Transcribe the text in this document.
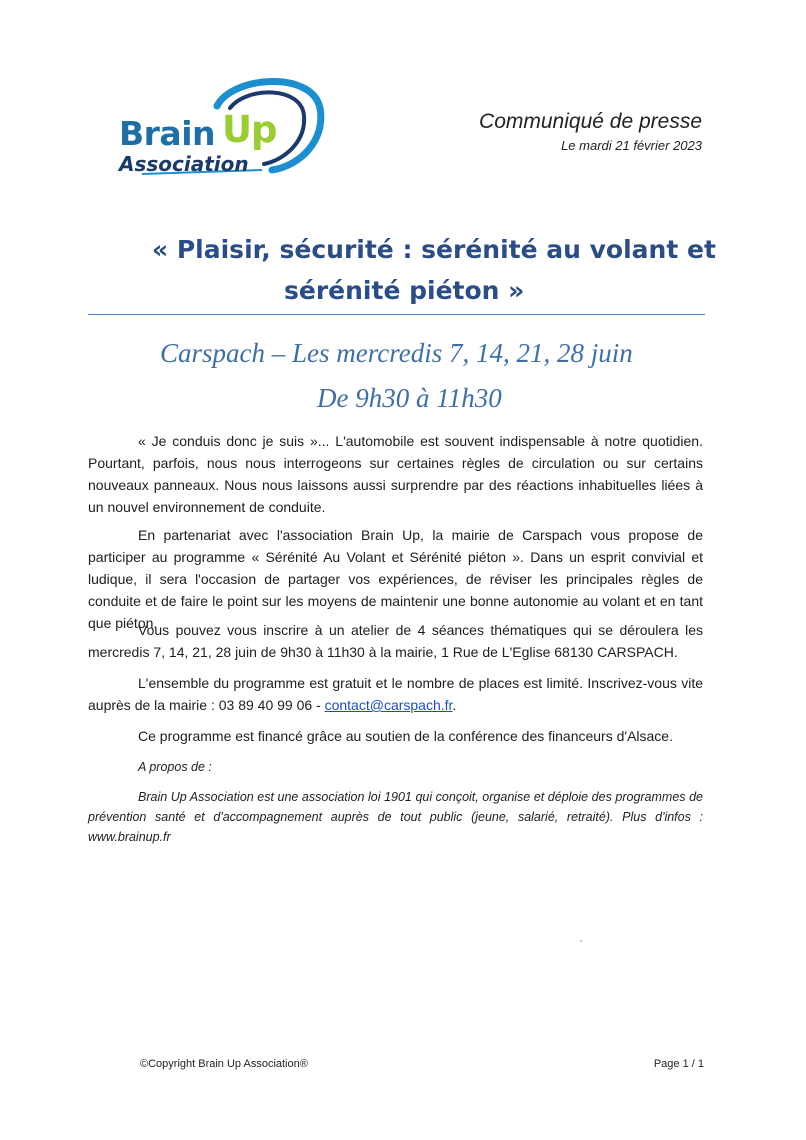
Brain Up
Association
Communiqué de presse
Le mardi 21 février 2023
« Plaisir, sécurité : sérénité au volant et
sérénité piéton »
Carspach – Les mercredis 7, 14, 21, 28 juin
De 9h30 à 11h30
« Je conduis donc je suis »... L'automobile est souvent indispensable à notre quotidien. Pourtant, parfois, nous nous interrogeons sur certaines règles de circulation ou sur certains nouveaux panneaux. Nous nous laissons aussi surprendre par des réactions inhabituelles liées à un nouvel environnement de conduite.
En partenariat avec l'association Brain Up, la mairie de Carspach vous propose de participer au programme « Sérénité Au Volant et Sérénité piéton ». Dans un esprit convivial et ludique, il sera l'occasion de partager vos expériences, de réviser les principales règles de conduite et de faire le point sur les moyens de maintenir une bonne autonomie au volant et en tant que piéton.
Vous pouvez vous inscrire à un atelier de 4 séances thématiques qui se déroulera les mercredis 7, 14, 21, 28 juin de 9h30 à 11h30 à la mairie, 1 Rue de L'Eglise 68130 CARSPACH.
L'ensemble du programme est gratuit et le nombre de places est limité. Inscrivez-vous vite auprès de la mairie : 03 89 40 99 06 - contact@carspach.fr.
Ce programme est financé grâce au soutien de la conférence des financeurs d'Alsace.
A propos de :
Brain Up Association est une association loi 1901 qui conçoit, organise et déploie des programmes de prévention santé et d'accompagnement auprès de tout public (jeune, salarié, retraité). Plus d'infos : www.brainup.fr
©Copyright Brain Up Association®	Page 1 / 1
